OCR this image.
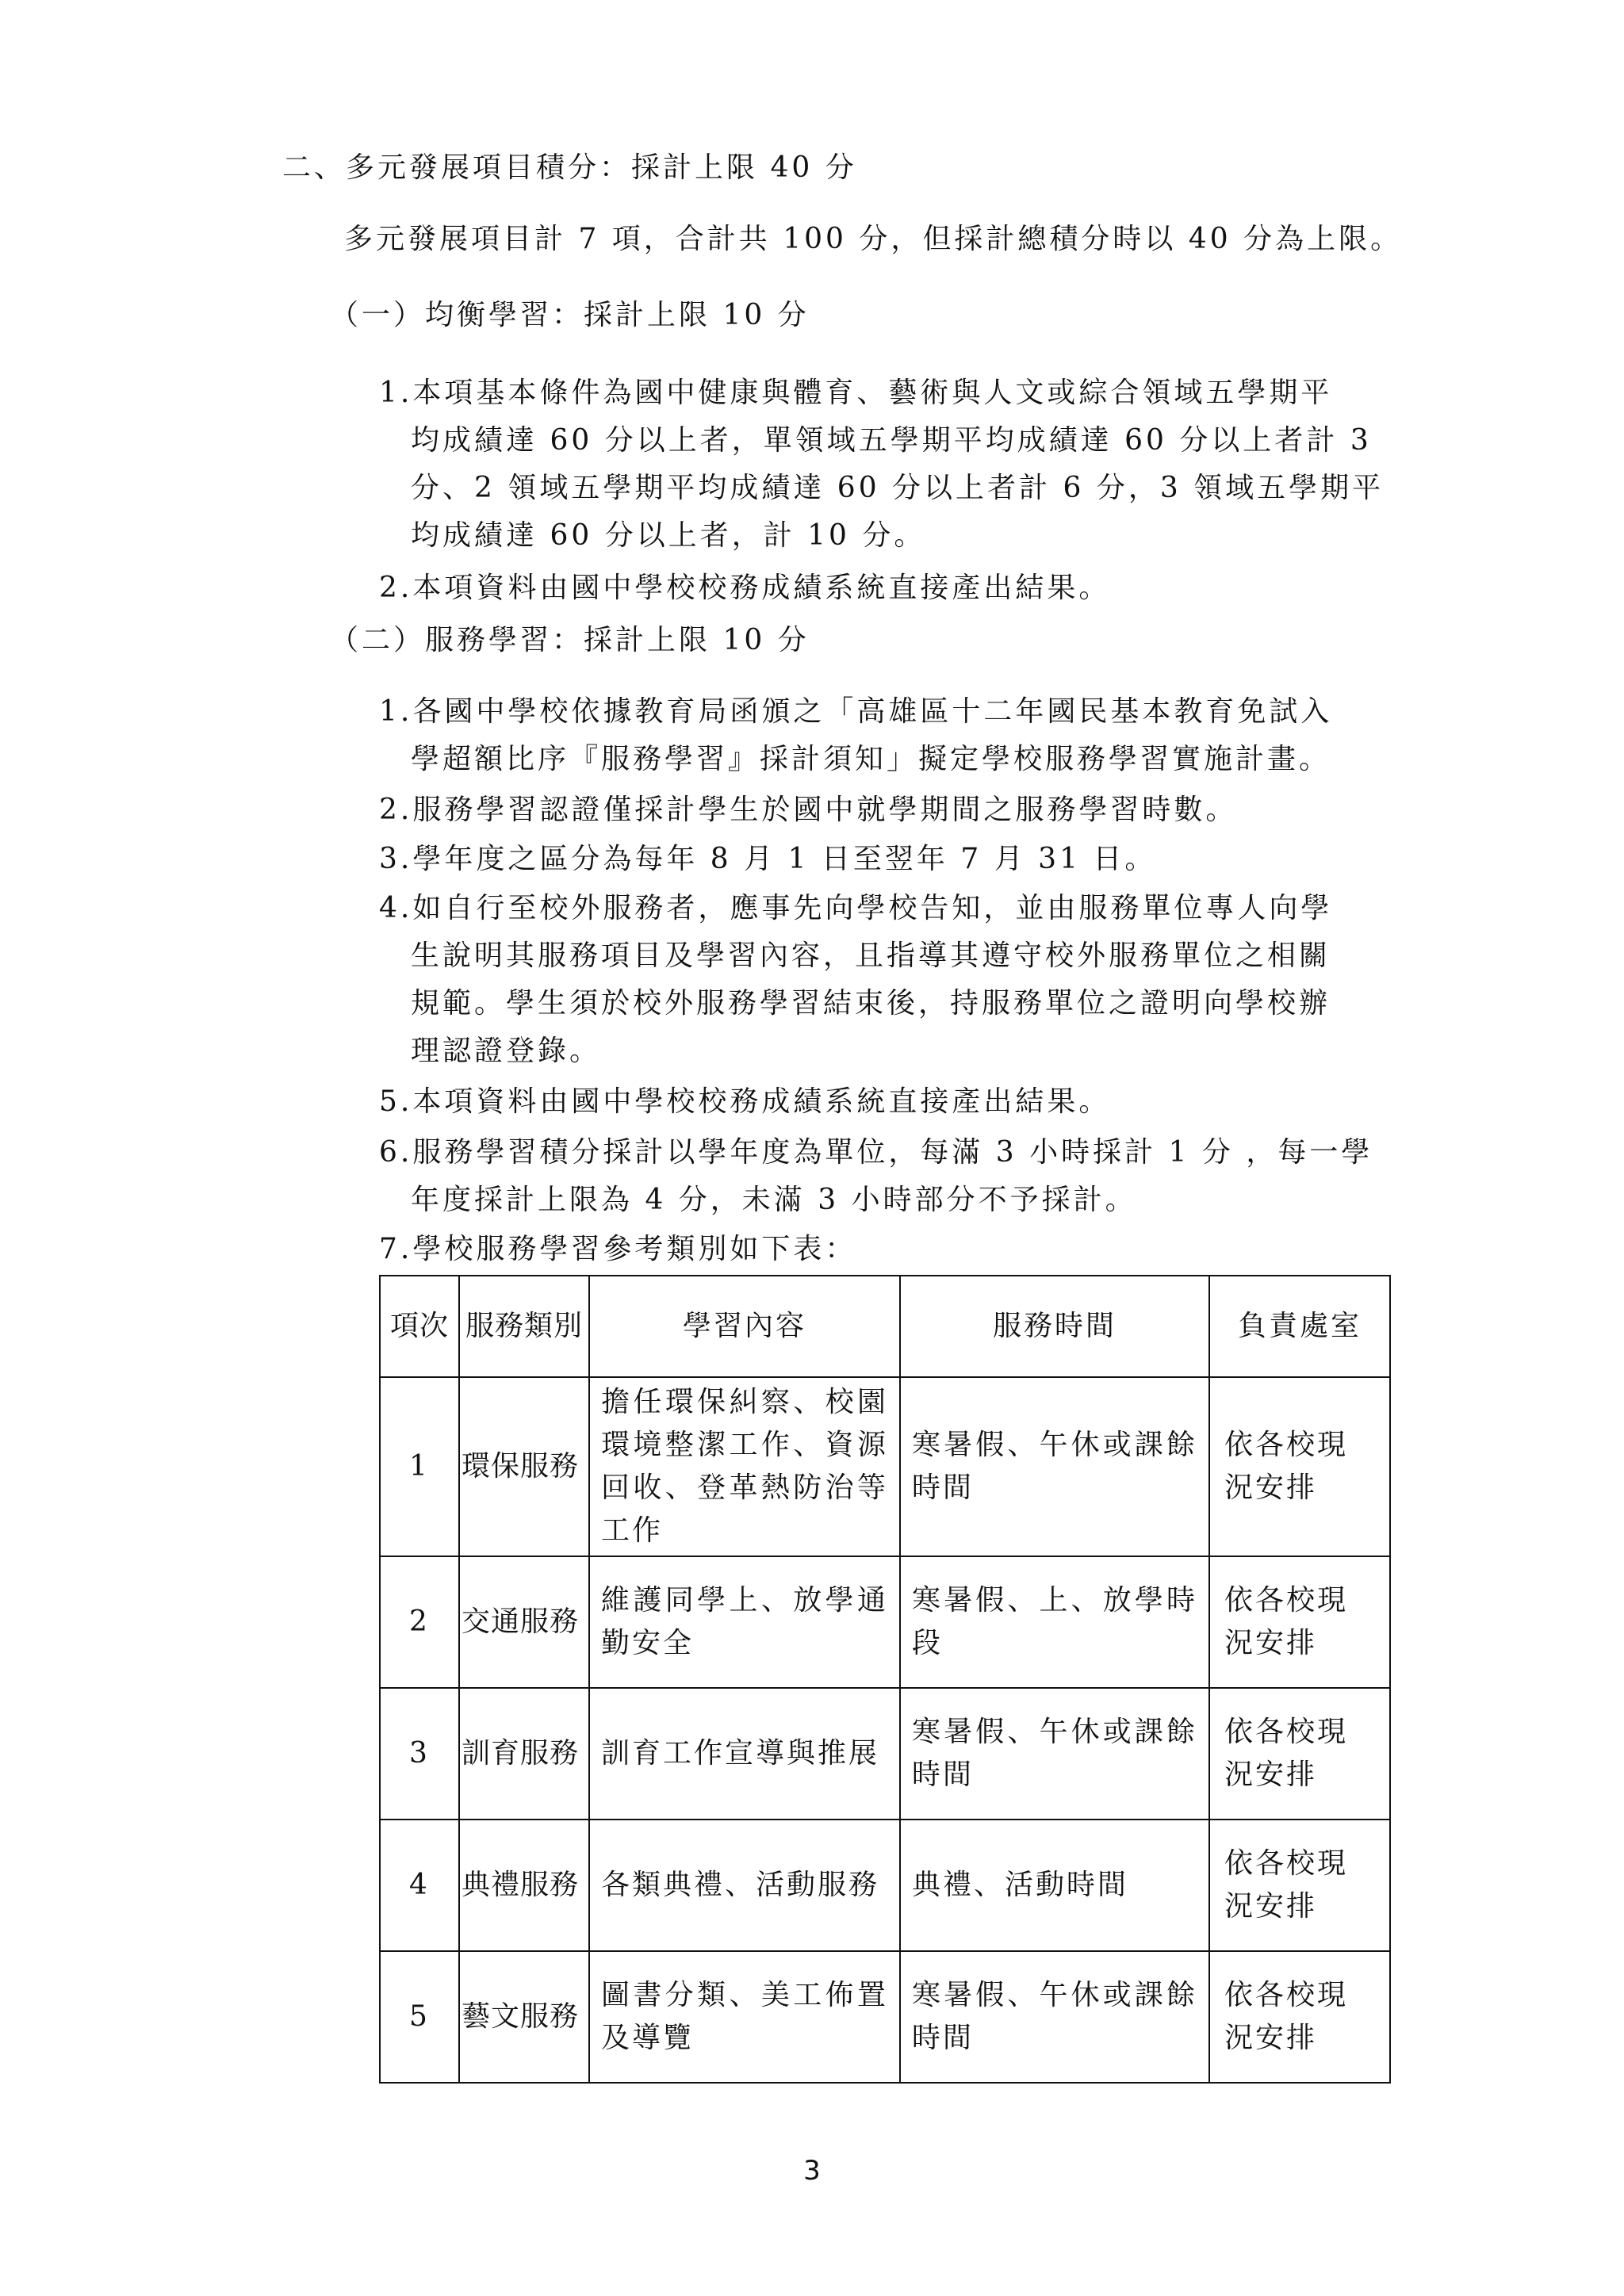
二、多元發展項目積分：採計上限 40 分

多元發展項目計 7 項，合計共 100 分，但採計總積分時以 40 分為上限。

（一）均衡學習：採計上限 10 分

1.本項基本條件為國中健康與體育、藝術與人文或綜合領域五學期平

均成績達 60 分以上者，單領域五學期平均成績達 60 分以上者計 3

分、2 領域五學期平均成績達 60 分以上者計 6 分，3 領域五學期平

均成績達 60 分以上者，計 10 分。

2.本項資料由國中學校校務成績系統直接產出結果。

（二）服務學習：採計上限 10 分

1.各國中學校依據教育局函頒之「高雄區十二年國民基本教育免試入

學超額比序『服務學習』採計須知」擬定學校服務學習實施計畫。

2.服務學習認證僅採計學生於國中就學期間之服務學習時數。

3.學年度之區分為每年 8 月 1 日至翌年 7 月 31 日。

4.如自行至校外服務者，應事先向學校告知，並由服務單位專人向學

生說明其服務項目及學習內容，且指導其遵守校外服務單位之相關

規範。學生須於校外服務學習結束後，持服務單位之證明向學校辦

理認證登錄。

5.本項資料由國中學校校務成績系統直接產出結果。

6.服務學習積分採計以學年度為單位，每滿 3 小時採計 1 分 ，每一學

年度採計上限為 4 分，未滿 3 小時部分不予採計。

7.學校服務學習參考類別如下表：

項次	服務類別	學習內容	服務時間	負責處室
1	環保服務	擔任環保糾察、校園環境整潔工作、資源回收、登革熱防治等工作	寒暑假、午休或課餘時間	依各校現況安排
2	交通服務	維護同學上、放學通勤安全	寒暑假、上、放學時段	依各校現況安排
3	訓育服務	訓育工作宣導與推展	寒暑假、午休或課餘時間	依各校現況安排
4	典禮服務	各類典禮、活動服務	典禮、活動時間	依各校現況安排
5	藝文服務	圖書分類、美工佈置及導覽	寒暑假、午休或課餘時間	依各校現況安排
3
